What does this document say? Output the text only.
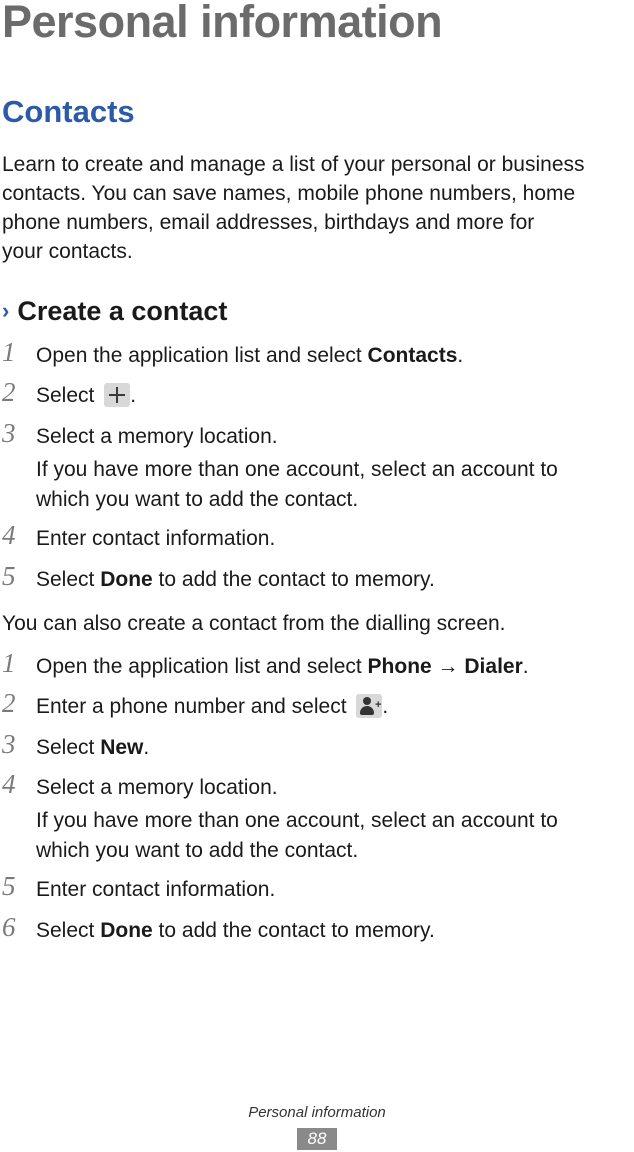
Personal information
Contacts

Learn to create and manage a list of your personal or business
contacts. You can save names, mobile phone numbers, home
phone numbers, email addresses, birthdays and more for
your contacts.

› Create a contact
1 Open the application list and select Contacts.
2 Select .
3 Select a memory location.
If you have more than one account, select an account to
which you want to add the contact.
4 Enter contact information.
5 Select Done to add the contact to memory.
You can also create a contact from the dialling screen.
1 Open the application list and select Phone → Dialer.
2 Enter a phone number and select + .
3 Select New.
4 Select a memory location.
If you have more than one account, select an account to
which you want to add the contact.
5 Enter contact information.
6 Select Done to add the contact to memory.
Personal information
88
